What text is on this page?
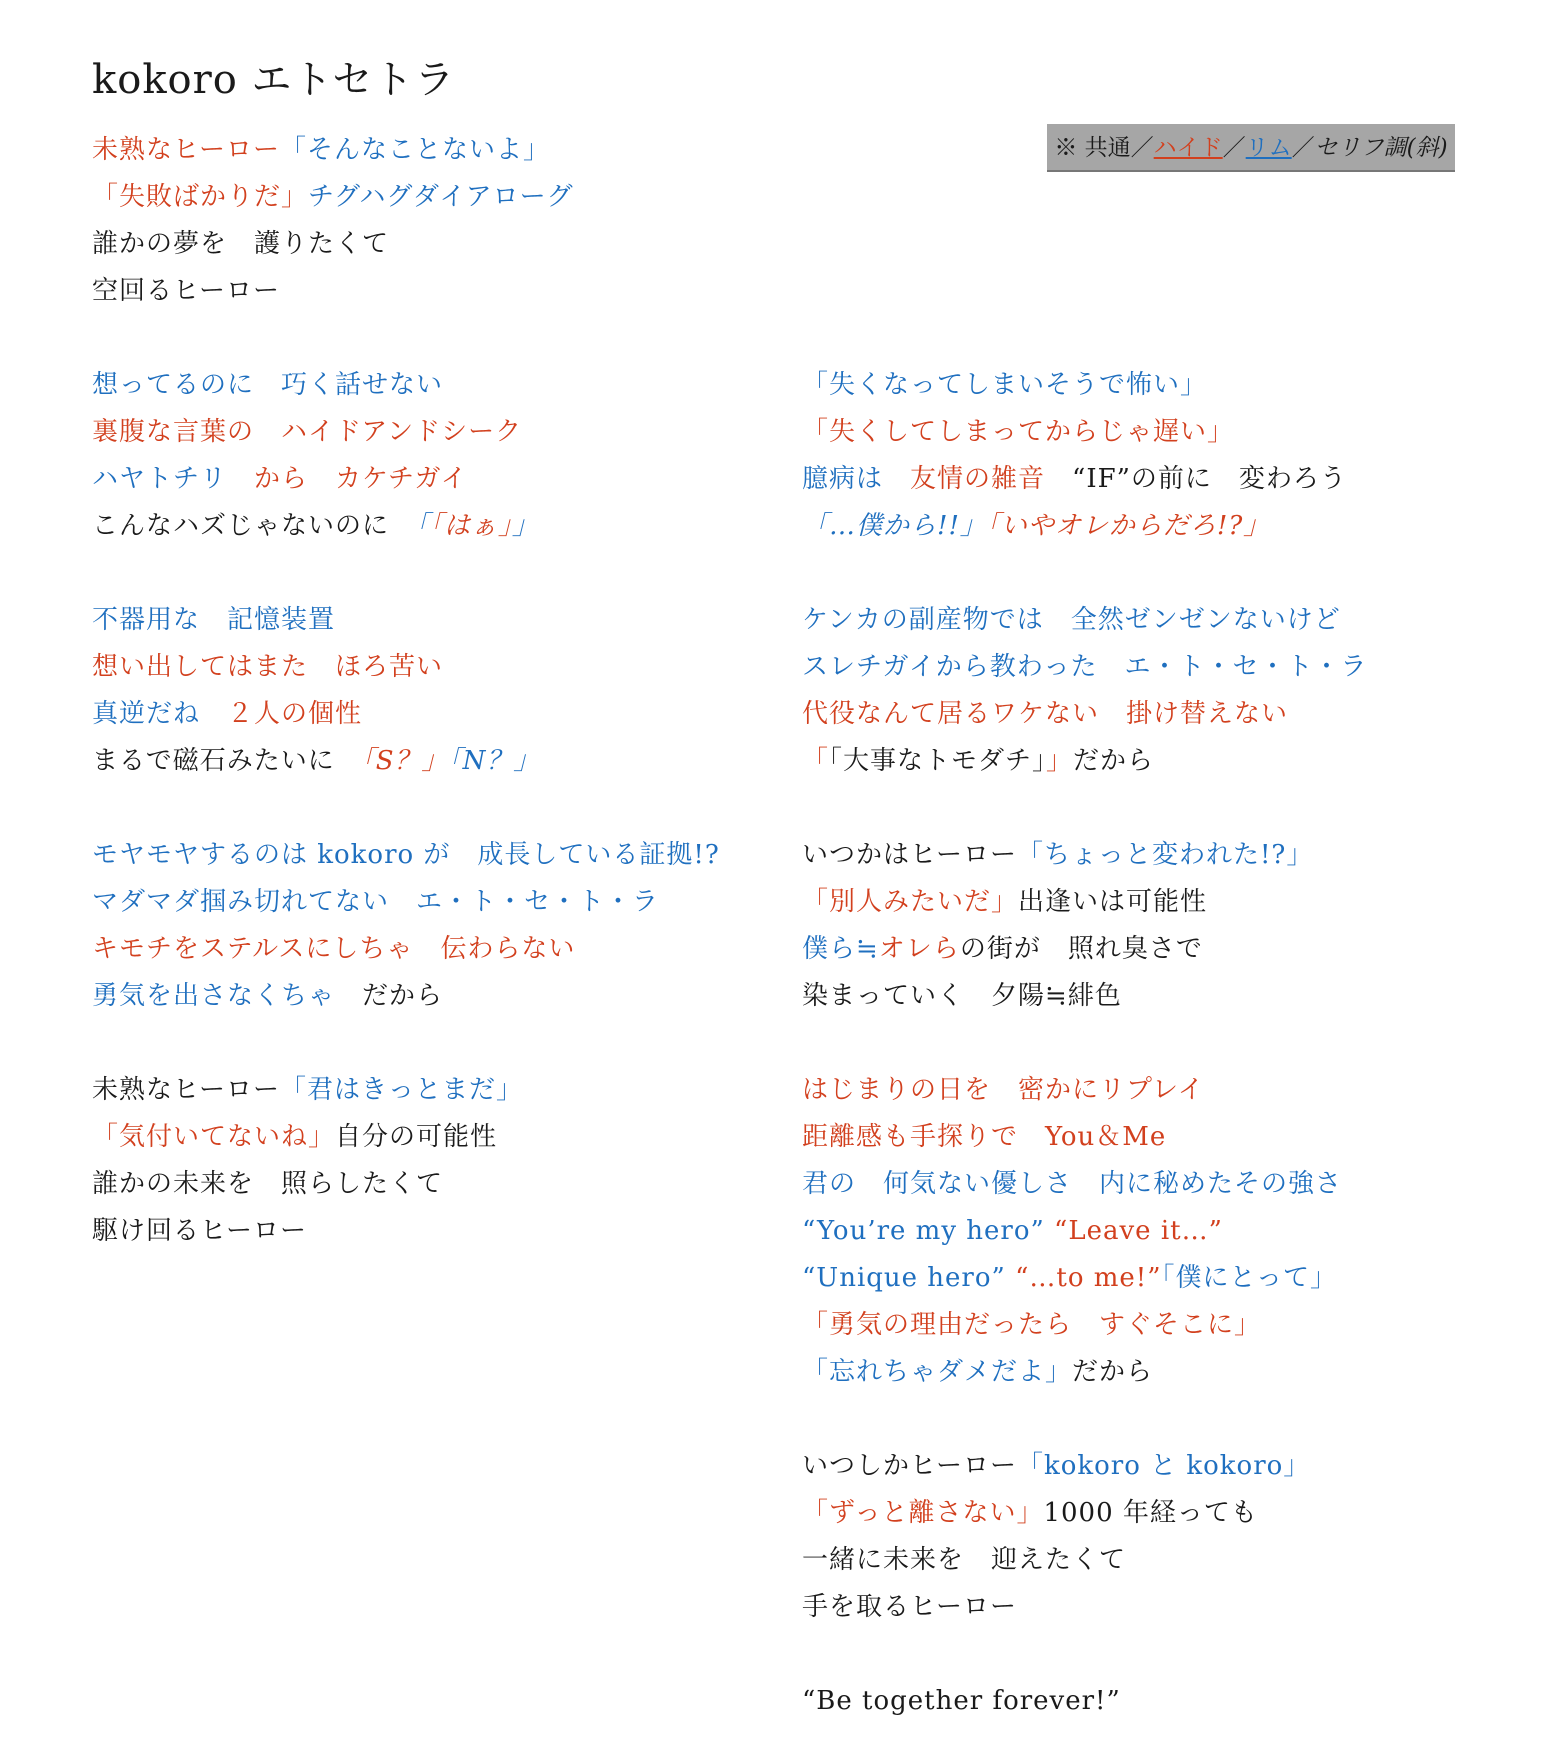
kokoro エトセトラ
※ 共通／ハイド／リム／セリフ調(斜)
未熟なヒーロー「そんなことないよ」
「失敗ばかりだ」チグハグダイアローグ
誰かの夢を　護りたくて
空回るヒーロー
想ってるのに　巧く話せない
裏腹な言葉の　ハイドアンドシーク
ハヤトチリ　から　カケチガイ
こんなハズじゃないのに　「「はぁ」」
不器用な　記憶装置
想い出してはまた　ほろ苦い
真逆だね　２人の個性
まるで磁石みたいに　「S？」「N？」
モヤモヤするのは kokoro が　成長している証拠!?
マダマダ掴み切れてない　エ・ト・セ・ト・ラ
キモチをステルスにしちゃ　伝わらない
勇気を出さなくちゃ　だから
未熟なヒーロー「君はきっとまだ」
「気付いてないね」自分の可能性
誰かの未来を　照らしたくて
駆け回るヒーロー
「失くなってしまいそうで怖い」
「失くしてしまってからじゃ遅い」
臆病は　友情の雑音　“IF”の前に　変わろう
「…僕から!!」「いやオレからだろ!?」
ケンカの副産物では　全然ゼンゼンないけど
スレチガイから教わった　エ・ト・セ・ト・ラ
代役なんて居るワケない　掛け替えない
「「大事なトモダチ」」だから
いつかはヒーロー「ちょっと変われた!?」
「別人みたいだ」出逢いは可能性
僕ら≒オレらの街が　照れ臭さで
染まっていく　夕陽≒緋色
はじまりの日を　密かにリプレイ
距離感も手探りで　You＆Me
君の　何気ない優しさ　内に秘めたその強さ
“You’re my hero” “Leave it…”
“Unique hero” “…to me!”「僕にとって」
「勇気の理由だったら　すぐそこに」
「忘れちゃダメだよ」だから
いつしかヒーロー「kokoro と kokoro」
「ずっと離さない」1000 年経っても
一緒に未来を　迎えたくて
手を取るヒーロー
“Be together forever!”
